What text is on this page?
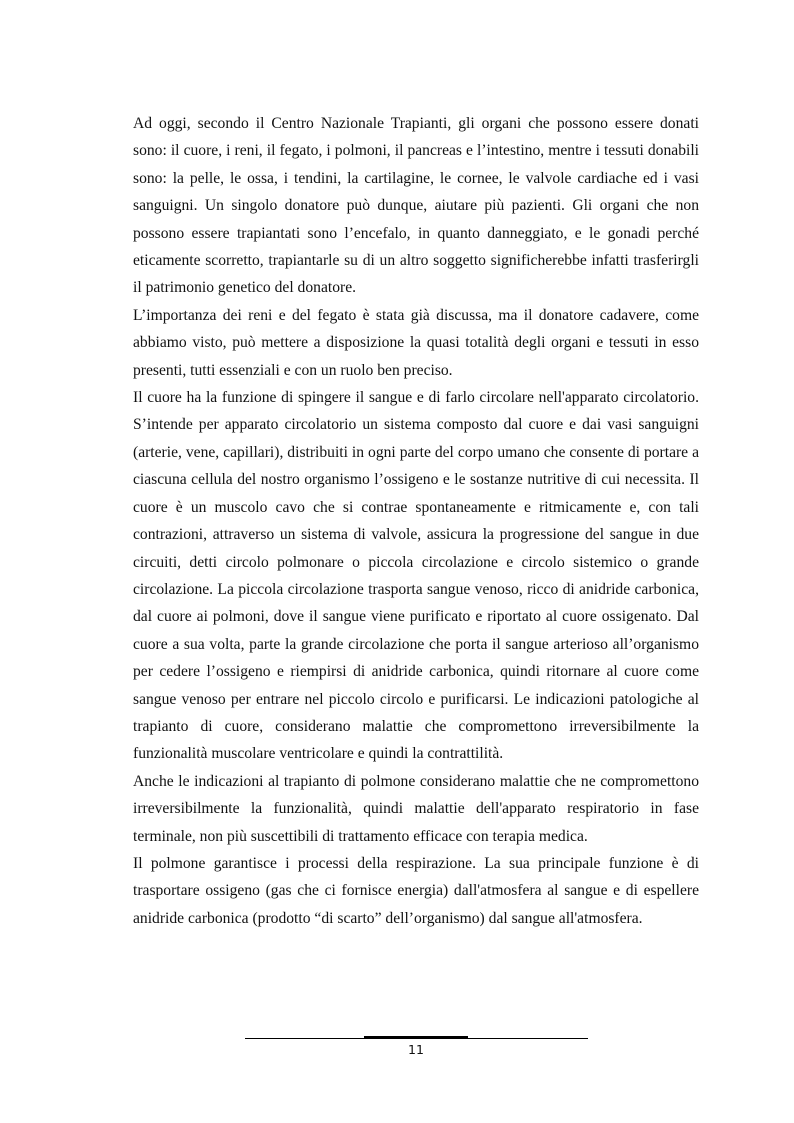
Ad oggi, secondo il Centro Nazionale Trapianti, gli organi che possono essere donati sono: il cuore, i reni, il fegato, i polmoni, il pancreas e l’intestino, mentre i tessuti donabili sono: la pelle, le ossa, i tendini, la cartilagine, le cornee, le valvole cardiache ed i vasi sanguigni. Un singolo donatore può dunque, aiutare più pazienti. Gli organi che non possono essere trapiantati sono l’encefalo, in quanto danneggiato, e le gonadi perché eticamente scorretto, trapiantarle su di un altro soggetto significherebbe infatti trasferirgli il patrimonio genetico del donatore.

L’importanza dei reni e del fegato è stata già discussa, ma il donatore cadavere, come abbiamo visto, può mettere a disposizione la quasi totalità degli organi e tessuti in esso presenti, tutti essenziali e con un ruolo ben preciso.

Il cuore ha la funzione di spingere il sangue e di farlo circolare nell'apparato circolatorio. S’intende per apparato circolatorio un sistema composto dal cuore e dai vasi sanguigni (arterie, vene, capillari), distribuiti in ogni parte del corpo umano che consente di portare a ciascuna cellula del nostro organismo l’ossigeno e le sostanze nutritive di cui necessita. Il cuore è un muscolo cavo che si contrae spontaneamente e ritmicamente e, con tali contrazioni, attraverso un sistema di valvole, assicura la progressione del sangue in due circuiti, detti circolo polmonare o piccola circolazione e circolo sistemico o grande circolazione. La piccola circolazione trasporta sangue venoso, ricco di anidride carbonica, dal cuore ai polmoni, dove il sangue viene purificato e riportato al cuore ossigenato. Dal cuore a sua volta, parte la grande circolazione che porta il sangue arterioso all’organismo per cedere l’ossigeno e riempirsi di anidride carbonica, quindi ritornare al cuore come sangue venoso per entrare nel piccolo circolo e purificarsi. Le indicazioni patologiche al trapianto di cuore, considerano malattie che compromettono irreversibilmente la funzionalità muscolare ventricolare e quindi la contrattilità.

Anche le indicazioni al trapianto di polmone considerano malattie che ne compromettono irreversibilmente la funzionalità, quindi malattie dell'apparato respiratorio in fase terminale, non più suscettibili di trattamento efficace con terapia medica.

Il polmone garantisce i processi della respirazione. La sua principale funzione è di trasportare ossigeno (gas che ci fornisce energia) dall'atmosfera al sangue e di espellere anidride carbonica (prodotto “di scarto” dell’organismo) dal sangue all'atmosfera.

11
